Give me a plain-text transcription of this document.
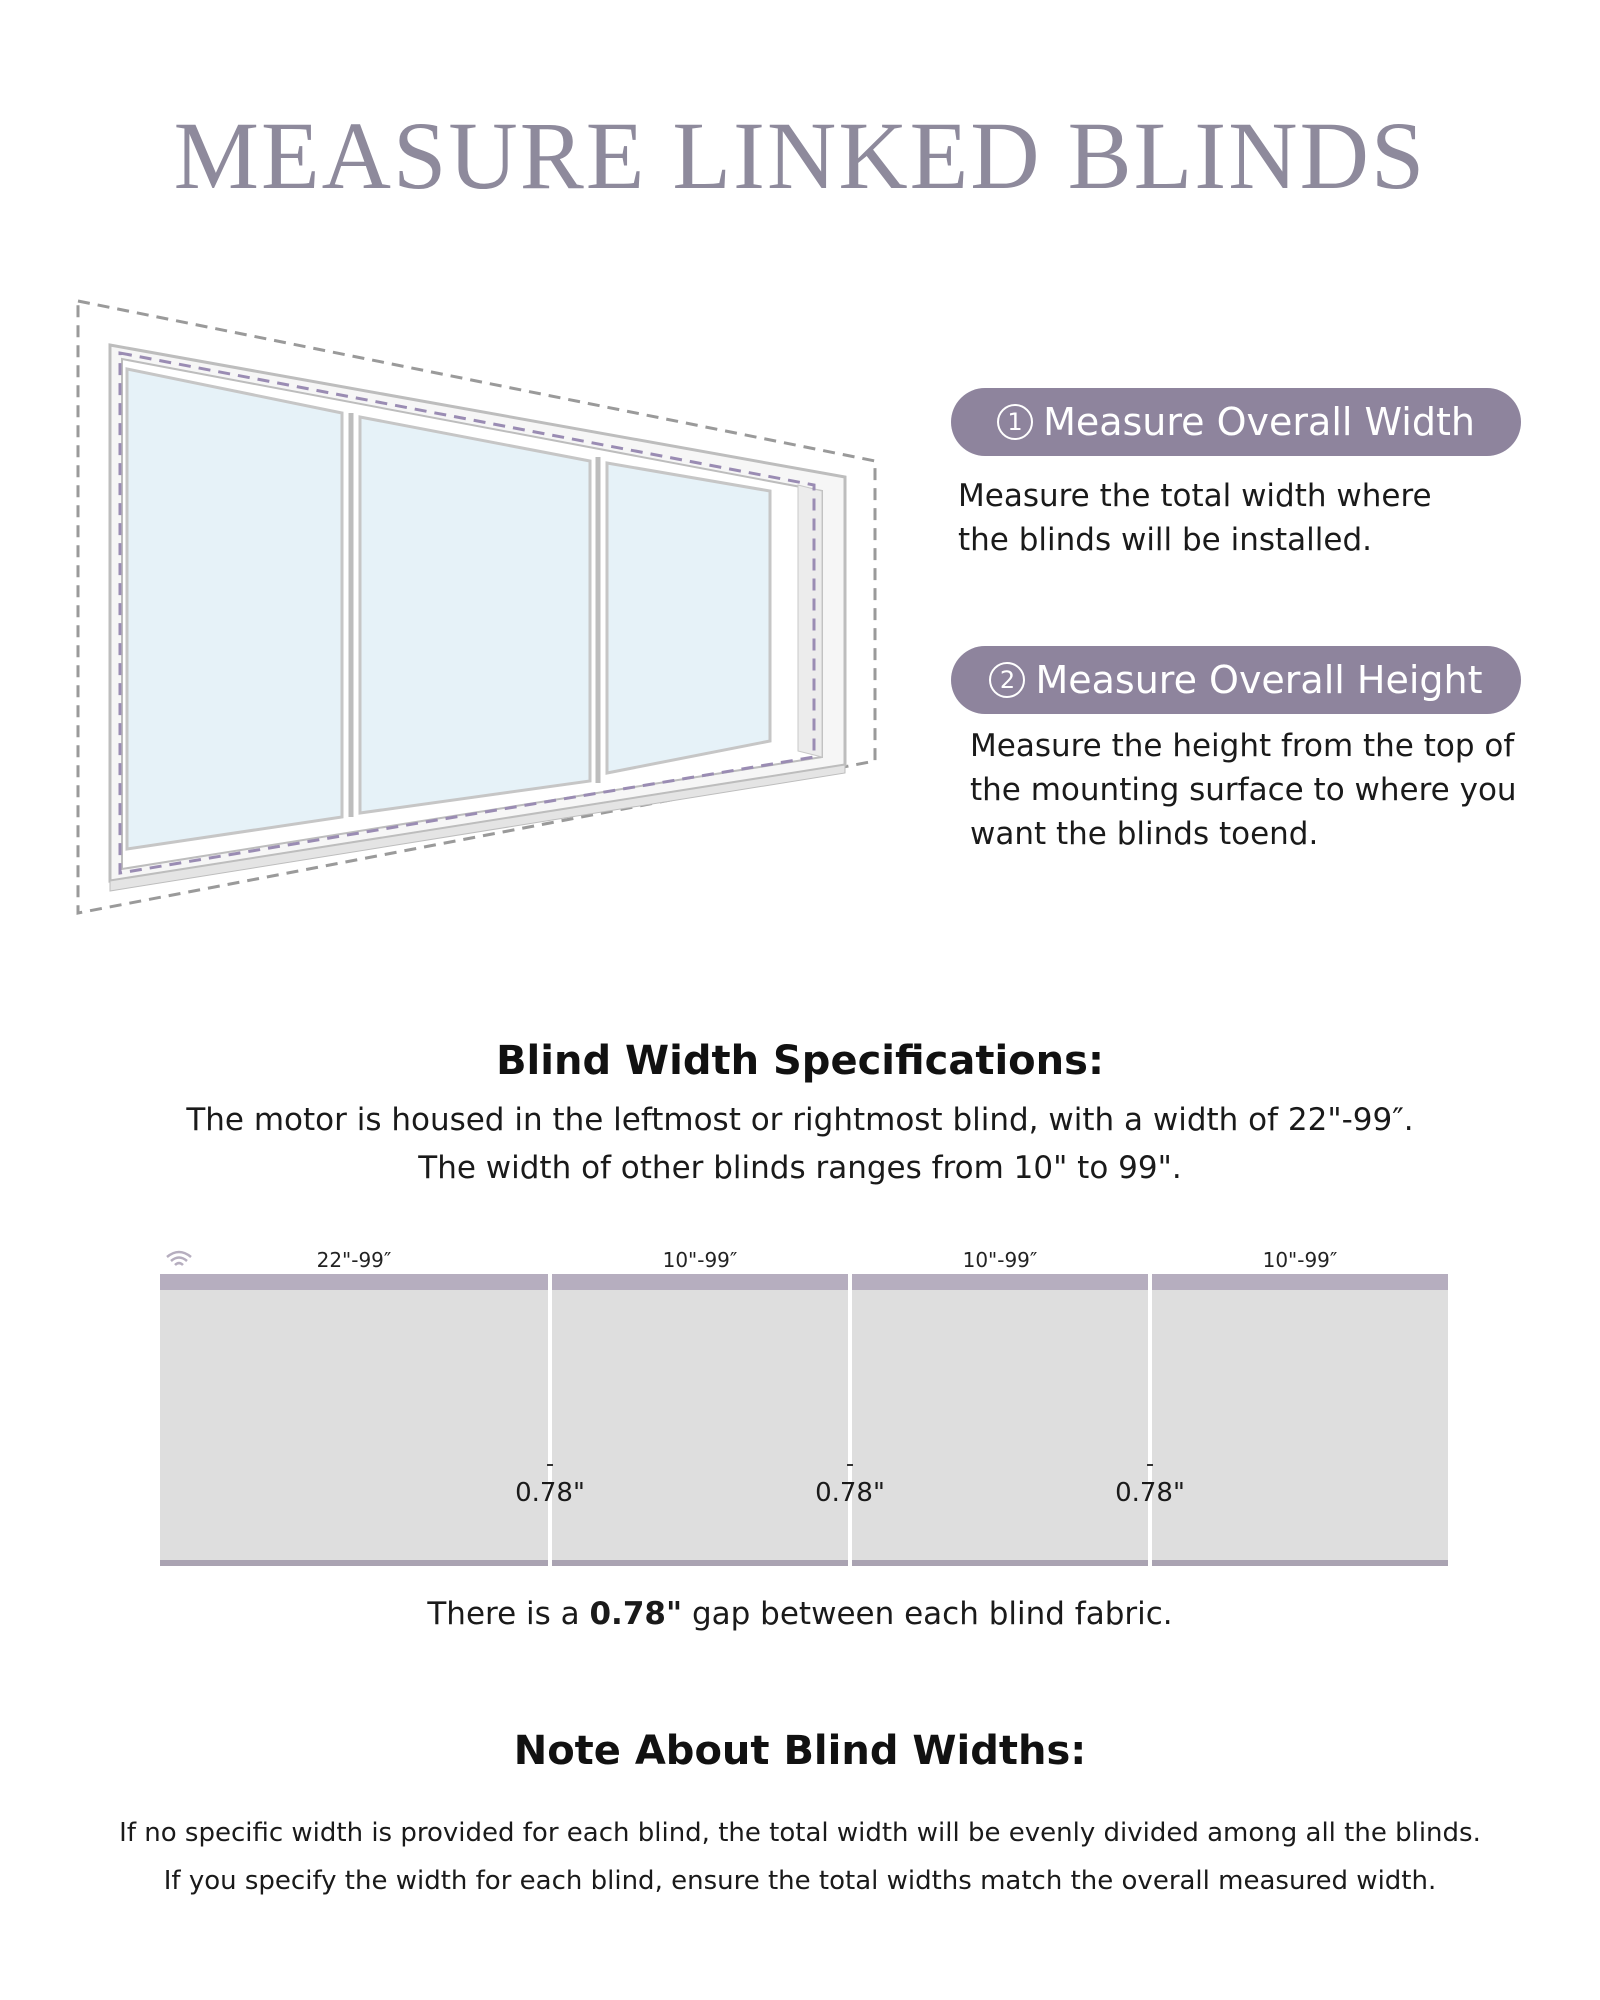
MEASURE LINKED BLINDS
1 Measure Overall Width

Measure the total width where
the blinds will be installed.

2 Measure Overall Height

Measure the height from the top of
the mounting surface to where you
want the blinds toend.

Blind Width Specifications:

The motor is housed in the leftmost or rightmost blind, with a width of 22"-99″.

The width of other blinds ranges from 10" to 99".

22"-99″	10"-99″	10"-99″	10"-99″
0.78"	0.78"	0.78"

There is a 0.78" gap between each blind fabric.

Note About Blind Widths:

If no specific width is provided for each blind, the total width will be evenly divided among all the blinds.

If you specify the width for each blind, ensure the total widths match the overall measured width.
